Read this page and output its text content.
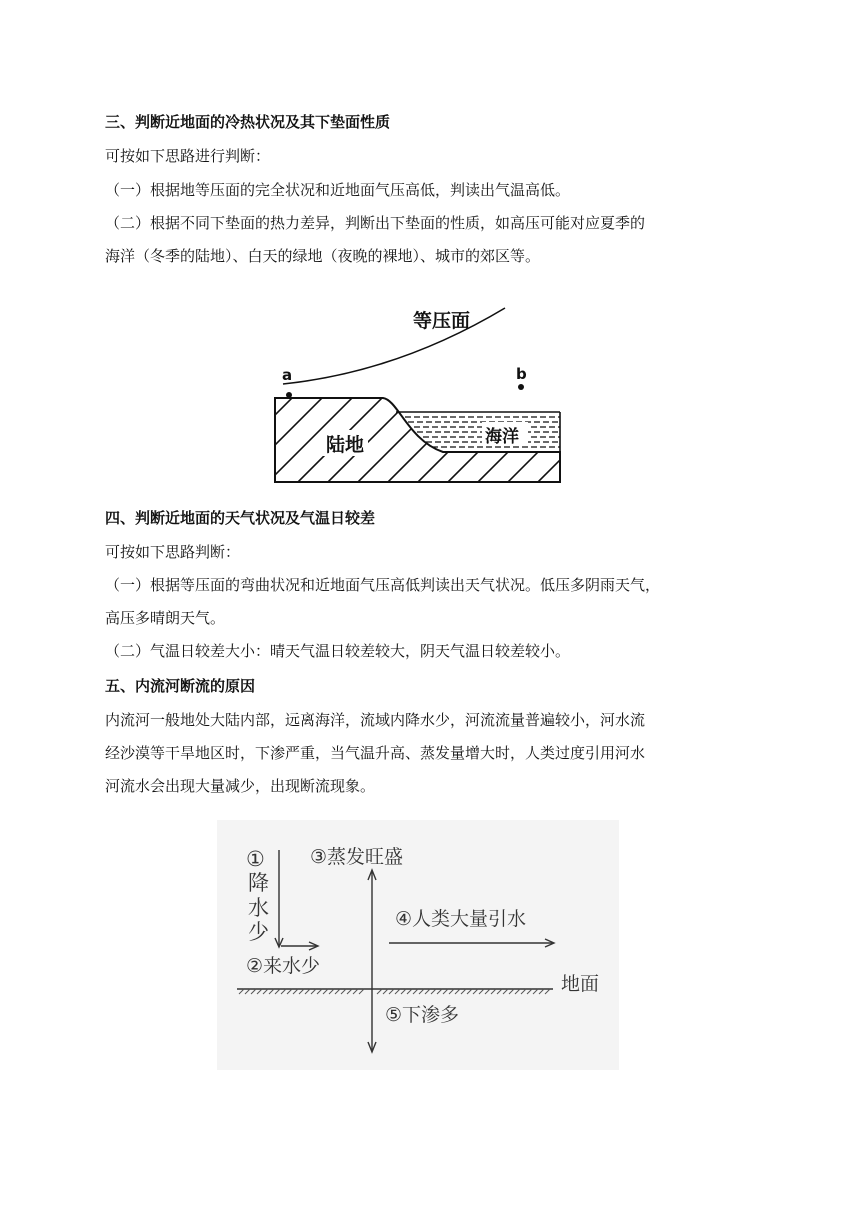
三、判断近地面的冷热状况及其下垫面性质
可按如下思路进行判断：
（一）根据地等压面的完全状况和近地面气压高低，判读出气温高低。
（二）根据不同下垫面的热力差异，判断出下垫面的性质，如高压可能对应夏季的
海洋（冬季的陆地）、白天的绿地（夜晚的裸地）、城市的郊区等。
等压面
a	b
陆地	海洋
四、判断近地面的天气状况及气温日较差
可按如下思路判断：
（一）根据等压面的弯曲状况和近地面气压高低判读出天气状况。低压多阴雨天气，
高压多晴朗天气。
（二）气温日较差大小：晴天气温日较差较大，阴天气温日较差较小。
五、内流河断流的原因
内流河一般地处大陆内部，远离海洋，流域内降水少，河流流量普遍较小，河水流
经沙漠等干旱地区时，下渗严重，当气温升高、蒸发量增大时，人类过度引用河水
河流水会出现大量减少，出现断流现象。
①
降
水
少
②来水少
③蒸发旺盛
④人类大量引水
地面
⑤下渗多
